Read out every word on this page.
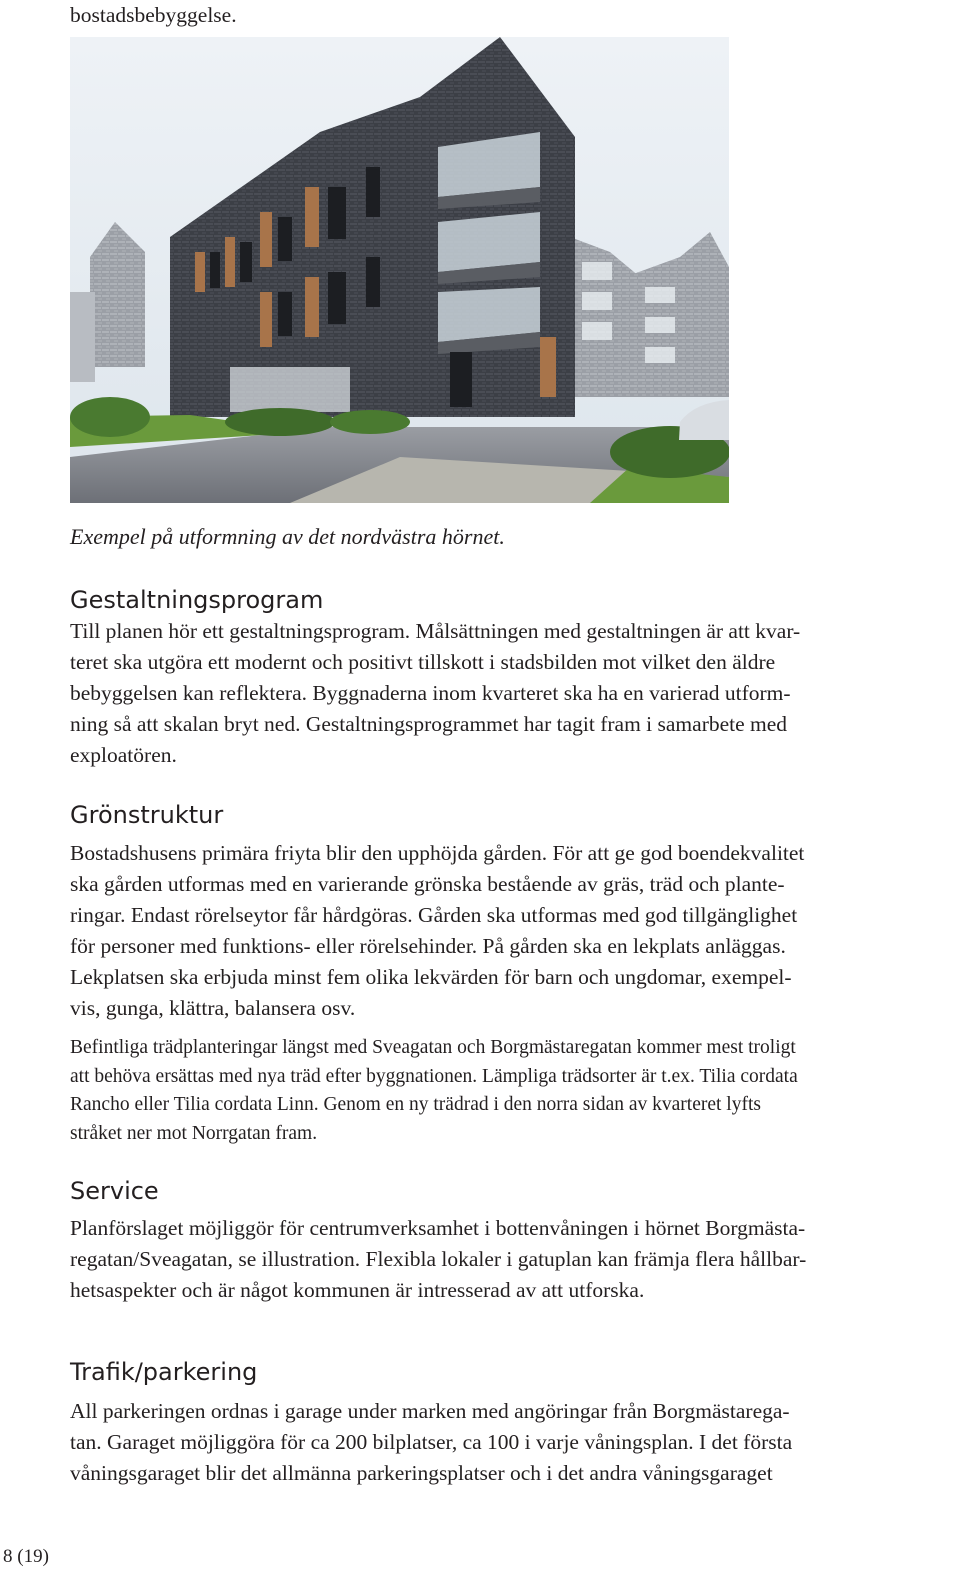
bostadsbebyggelse.

Exempel på utformning av det nordvästra hörnet.

Gestaltningsprogram

Till planen hör ett gestaltningsprogram. Målsättningen med gestaltningen är att kvar-
teret ska utgöra ett modernt och positivt tillskott i stadsbilden mot vilket den äldre
bebyggelsen kan reflektera. Byggnaderna inom kvarteret ska ha en varierad utform-
ning så att skalan bryt ned. Gestaltningsprogrammet har tagit fram i samarbete med
exploatören.

Grönstruktur

Bostadshusens primära friyta blir den upphöjda gården. För att ge god boendekvalitet
ska gården utformas med en varierande grönska bestående av gräs, träd och plante-
ringar. Endast rörelseytor får hårdgöras. Gården ska utformas med god tillgänglighet
för personer med funktions- eller rörelsehinder. På gården ska en lekplats anläggas.
Lekplatsen ska erbjuda minst fem olika lekvärden för barn och ungdomar, exempel-
vis, gunga, klättra, balansera osv.

Befintliga trädplanteringar längst med Sveagatan och Borgmästaregatan kommer mest troligt
att behöva ersättas med nya träd efter byggnationen. Lämpliga trädsorter är t.ex. Tilia cordata
Rancho eller Tilia cordata Linn. Genom en ny trädrad i den norra sidan av kvarteret lyfts
stråket ner mot Norrgatan fram.

Service

Planförslaget möjliggör för centrumverksamhet i bottenvåningen i hörnet Borgmästa-
regatan/Sveagatan, se illustration. Flexibla lokaler i gatuplan kan främja flera hållbar-
hetsaspekter och är något kommunen är intresserad av att utforska.

Trafik/parkering

All parkeringen ordnas i garage under marken med angöringar från Borgmästarega-
tan. Garaget möjliggöra för ca 200 bilplatser, ca 100 i varje våningsplan. I det första
våningsgaraget blir det allmänna parkeringsplatser och i det andra våningsgaraget

8 (19)
